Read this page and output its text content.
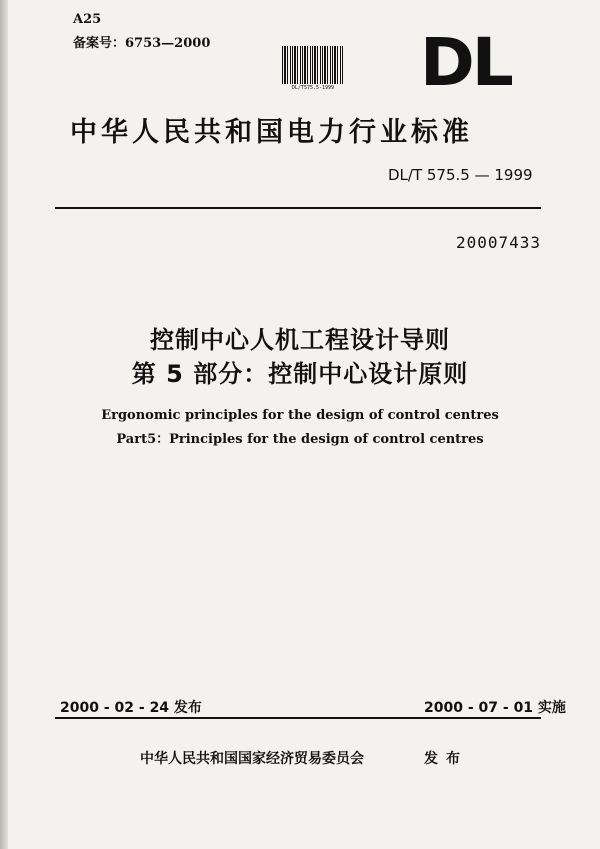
A25
备案号：6753—2000
DL/T575.5-1999 DL
中华人民共和国电力行业标准
DL/T 575.5 — 1999
20007433
控制中心人机工程设计导则
第 5 部分：控制中心设计原则
Ergonomic principles for the design of control centres
Part5：Principles for the design of control centres
2000 - 02 - 24 发布	2000 - 07 - 01 实施
中华人民共和国国家经济贸易委员会	发布
